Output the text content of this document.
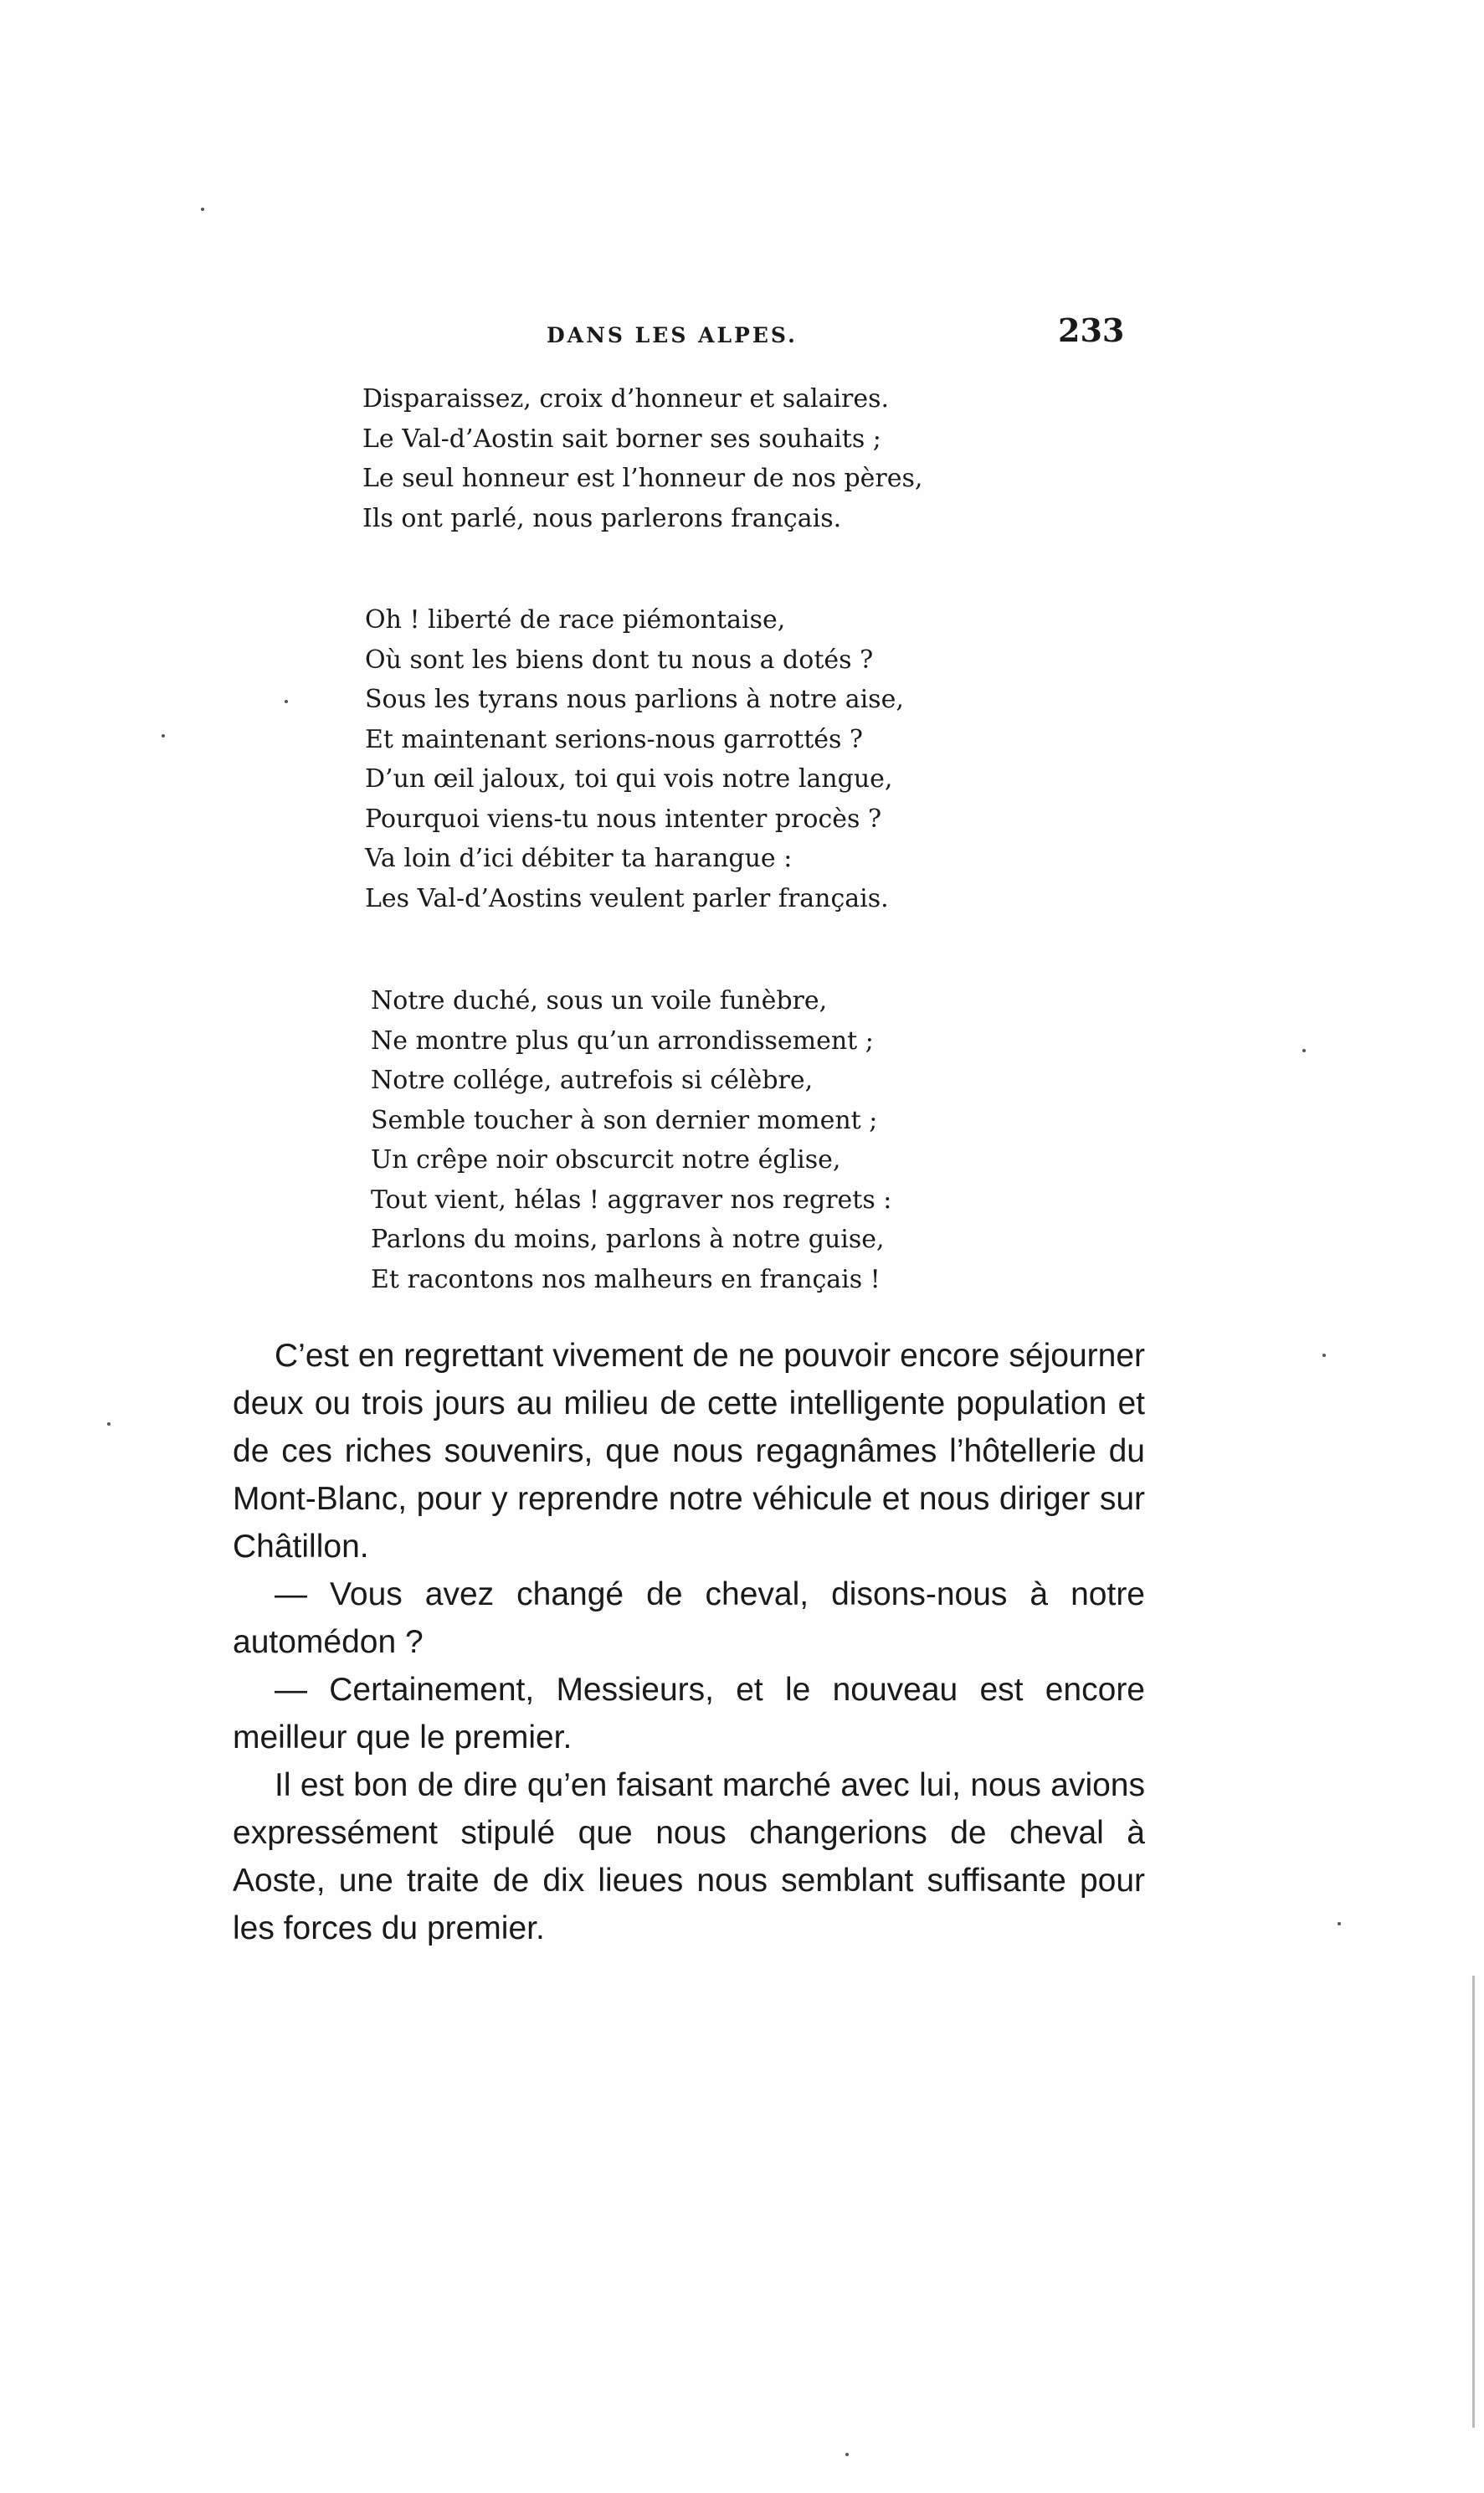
DANS LES ALPES.	233
Disparaissez, croix d’honneur et salaires.
Le Val-d’Aostin sait borner ses souhaits ;
Le seul honneur est l’honneur de nos pères,
Ils ont parlé, nous parlerons français.
Oh ! liberté de race piémontaise,
Où sont les biens dont tu nous a dotés ?
Sous les tyrans nous parlions à notre aise,
Et maintenant serions-nous garrottés ?
D’un œil jaloux, toi qui vois notre langue,
Pourquoi viens-tu nous intenter procès ?
Va loin d’ici débiter ta harangue :
Les Val-d’Aostins veulent parler français.
Notre duché, sous un voile funèbre,
Ne montre plus qu’un arrondissement ;
Notre collége, autrefois si célèbre,
Semble toucher à son dernier moment ;
Un crêpe noir obscurcit notre église,
Tout vient, hélas ! aggraver nos regrets :
Parlons du moins, parlons à notre guise,
Et racontons nos malheurs en français !

C’est en regrettant vivement de ne pouvoir encore séjourner deux ou trois jours au milieu de cette intelligente population et de ces riches souvenirs, que nous regagnâmes l’hôtellerie du Mont-Blanc, pour y reprendre notre véhicule et nous diriger sur Châtillon.

— Vous avez changé de cheval, disons-nous à notre automédon ?

— Certainement, Messieurs, et le nouveau est encore meilleur que le premier.

Il est bon de dire qu’en faisant marché avec lui, nous avions expressément stipulé que nous changerions de cheval à Aoste, une traite de dix lieues nous semblant suffisante pour les forces du premier.
